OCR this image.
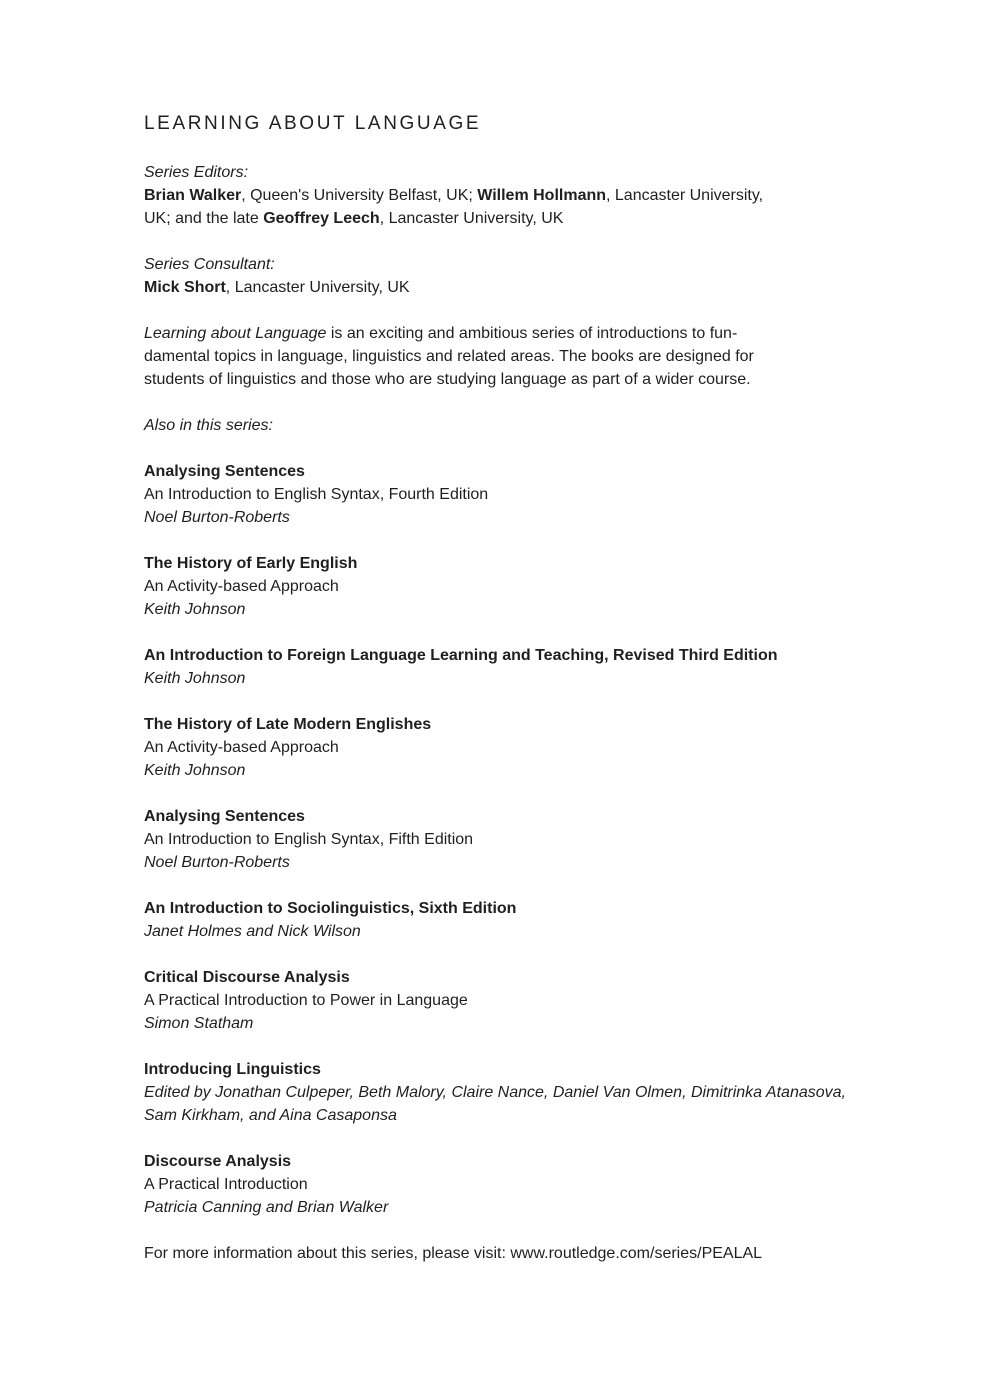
LEARNING ABOUT LANGUAGE
Series Editors:
Brian Walker, Queen's University Belfast, UK; Willem Hollmann, Lancaster University,
UK; and the late Geoffrey Leech, Lancaster University, UK
Series Consultant:
Mick Short, Lancaster University, UK
Learning about Language is an exciting and ambitious series of introductions to fun-
damental topics in language, linguistics and related areas. The books are designed for
students of linguistics and those who are studying language as part of a wider course.
Also in this series:
Analysing Sentences
An Introduction to English Syntax, Fourth Edition
Noel Burton-Roberts
The History of Early English
An Activity-based Approach
Keith Johnson
An Introduction to Foreign Language Learning and Teaching, Revised Third Edition
Keith Johnson
The History of Late Modern Englishes
An Activity-based Approach
Keith Johnson
Analysing Sentences
An Introduction to English Syntax, Fifth Edition
Noel Burton-Roberts
An Introduction to Sociolinguistics, Sixth Edition
Janet Holmes and Nick Wilson
Critical Discourse Analysis
A Practical Introduction to Power in Language
Simon Statham
Introducing Linguistics
Edited by Jonathan Culpeper, Beth Malory, Claire Nance, Daniel Van Olmen, Dimitrinka Atanasova, Sam Kirkham, and Aina Casaponsa
Discourse Analysis
A Practical Introduction
Patricia Canning and Brian Walker
For more information about this series, please visit: www.routledge.com/series/PEALAL
